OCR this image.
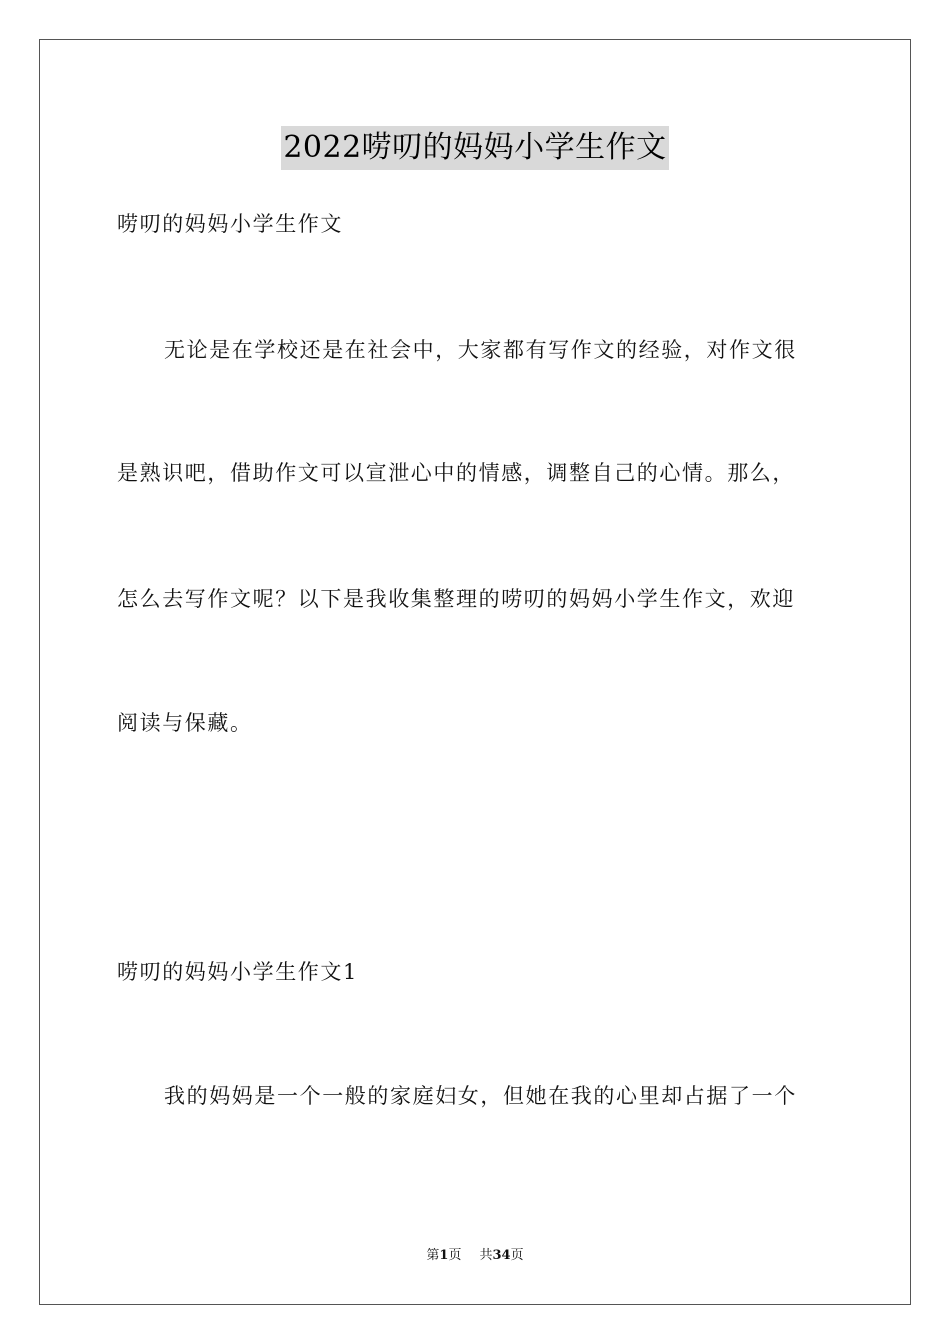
2022唠叨的妈妈小学生作文
唠叨的妈妈小学生作文
无论是在学校还是在社会中，大家都有写作文的经验，对作文很
是熟识吧，借助作文可以宣泄心中的情感，调整自己的心情。那么，
怎么去写作文呢？以下是我收集整理的唠叨的妈妈小学生作文，欢迎
阅读与保藏。
唠叨的妈妈小学生作文1
我的妈妈是一个一般的家庭妇女，但她在我的心里却占据了一个
第1页 共34页
